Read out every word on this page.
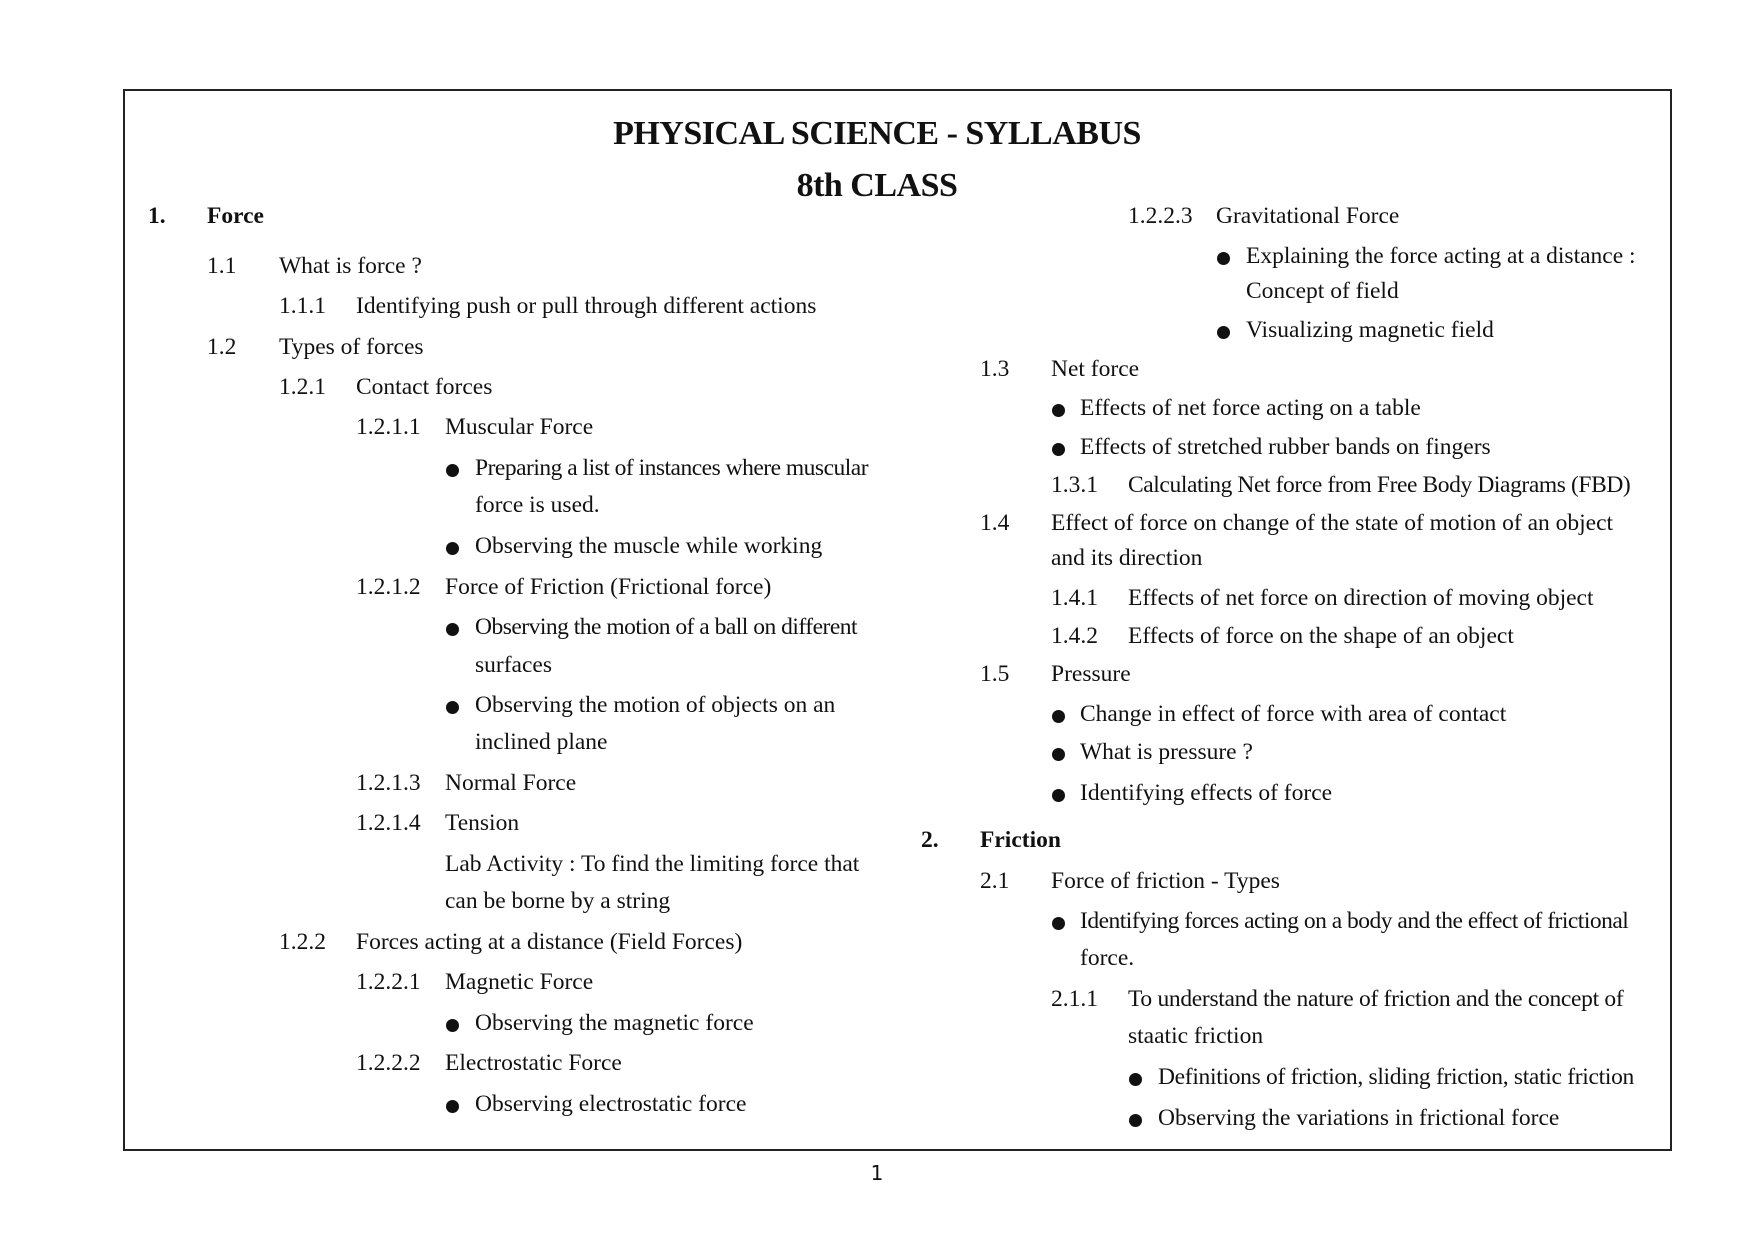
PHYSICAL SCIENCE - SYLLABUS
8th CLASS
1. Force
1.1 What is force ?
1.1.1 Identifying push or pull through different actions
1.2 Types of forces
1.2.1 Contact forces
1.2.1.1 Muscular Force
Preparing a list of instances where muscular
force is used.
Observing the muscle while working
1.2.1.2 Force of Friction (Frictional force)
Observing the motion of a ball on different
surfaces
Observing the motion of objects on an
inclined plane
1.2.1.3 Normal Force
1.2.1.4 Tension
Lab Activity : To find the limiting force that
can be borne by a string
1.2.2 Forces acting at a distance (Field Forces)
1.2.2.1 Magnetic Force
Observing the magnetic force
1.2.2.2 Electrostatic Force
Observing electrostatic force
1.2.2.3 Gravitational Force
Explaining the force acting at a distance :
Concept of field
Visualizing magnetic field
1.3 Net force
Effects of net force acting on a table
Effects of stretched rubber bands on fingers
1.3.1 Calculating Net force from Free Body Diagrams (FBD)
1.4 Effect of force on change of the state of motion of an object
and its direction
1.4.1 Effects of net force on direction of moving object
1.4.2 Effects of force on the shape of an object
1.5 Pressure
Change in effect of force with area of contact
What is pressure ?
Identifying effects of force
2. Friction
2.1 Force of friction - Types
Identifying forces acting on a body and the effect of frictional
force.
2.1.1 To understand the nature of friction and the concept of
staatic friction
Definitions of friction, sliding friction, static friction
Observing the variations in frictional force
1
